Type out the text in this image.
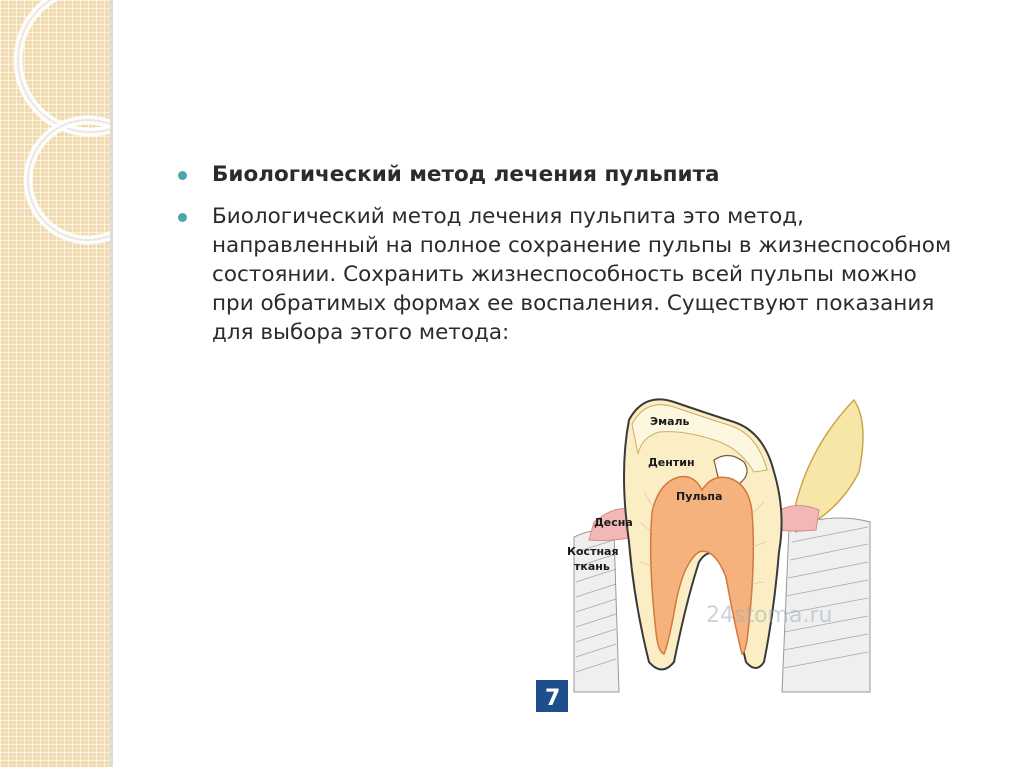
Биологический метод лечения пульпита
Биологический метод лечения пульпита это метод, направленный на полное сохранение пульпы в жизнеспособном состоянии. Сохранить жизнеспособность всей пульпы можно при обратимых формах ее воспаления. Существуют показания для выбора этого метода:
Эмаль
Дентин
Пульпа
Десна
Костная
ткань
24stoma.ru
7
